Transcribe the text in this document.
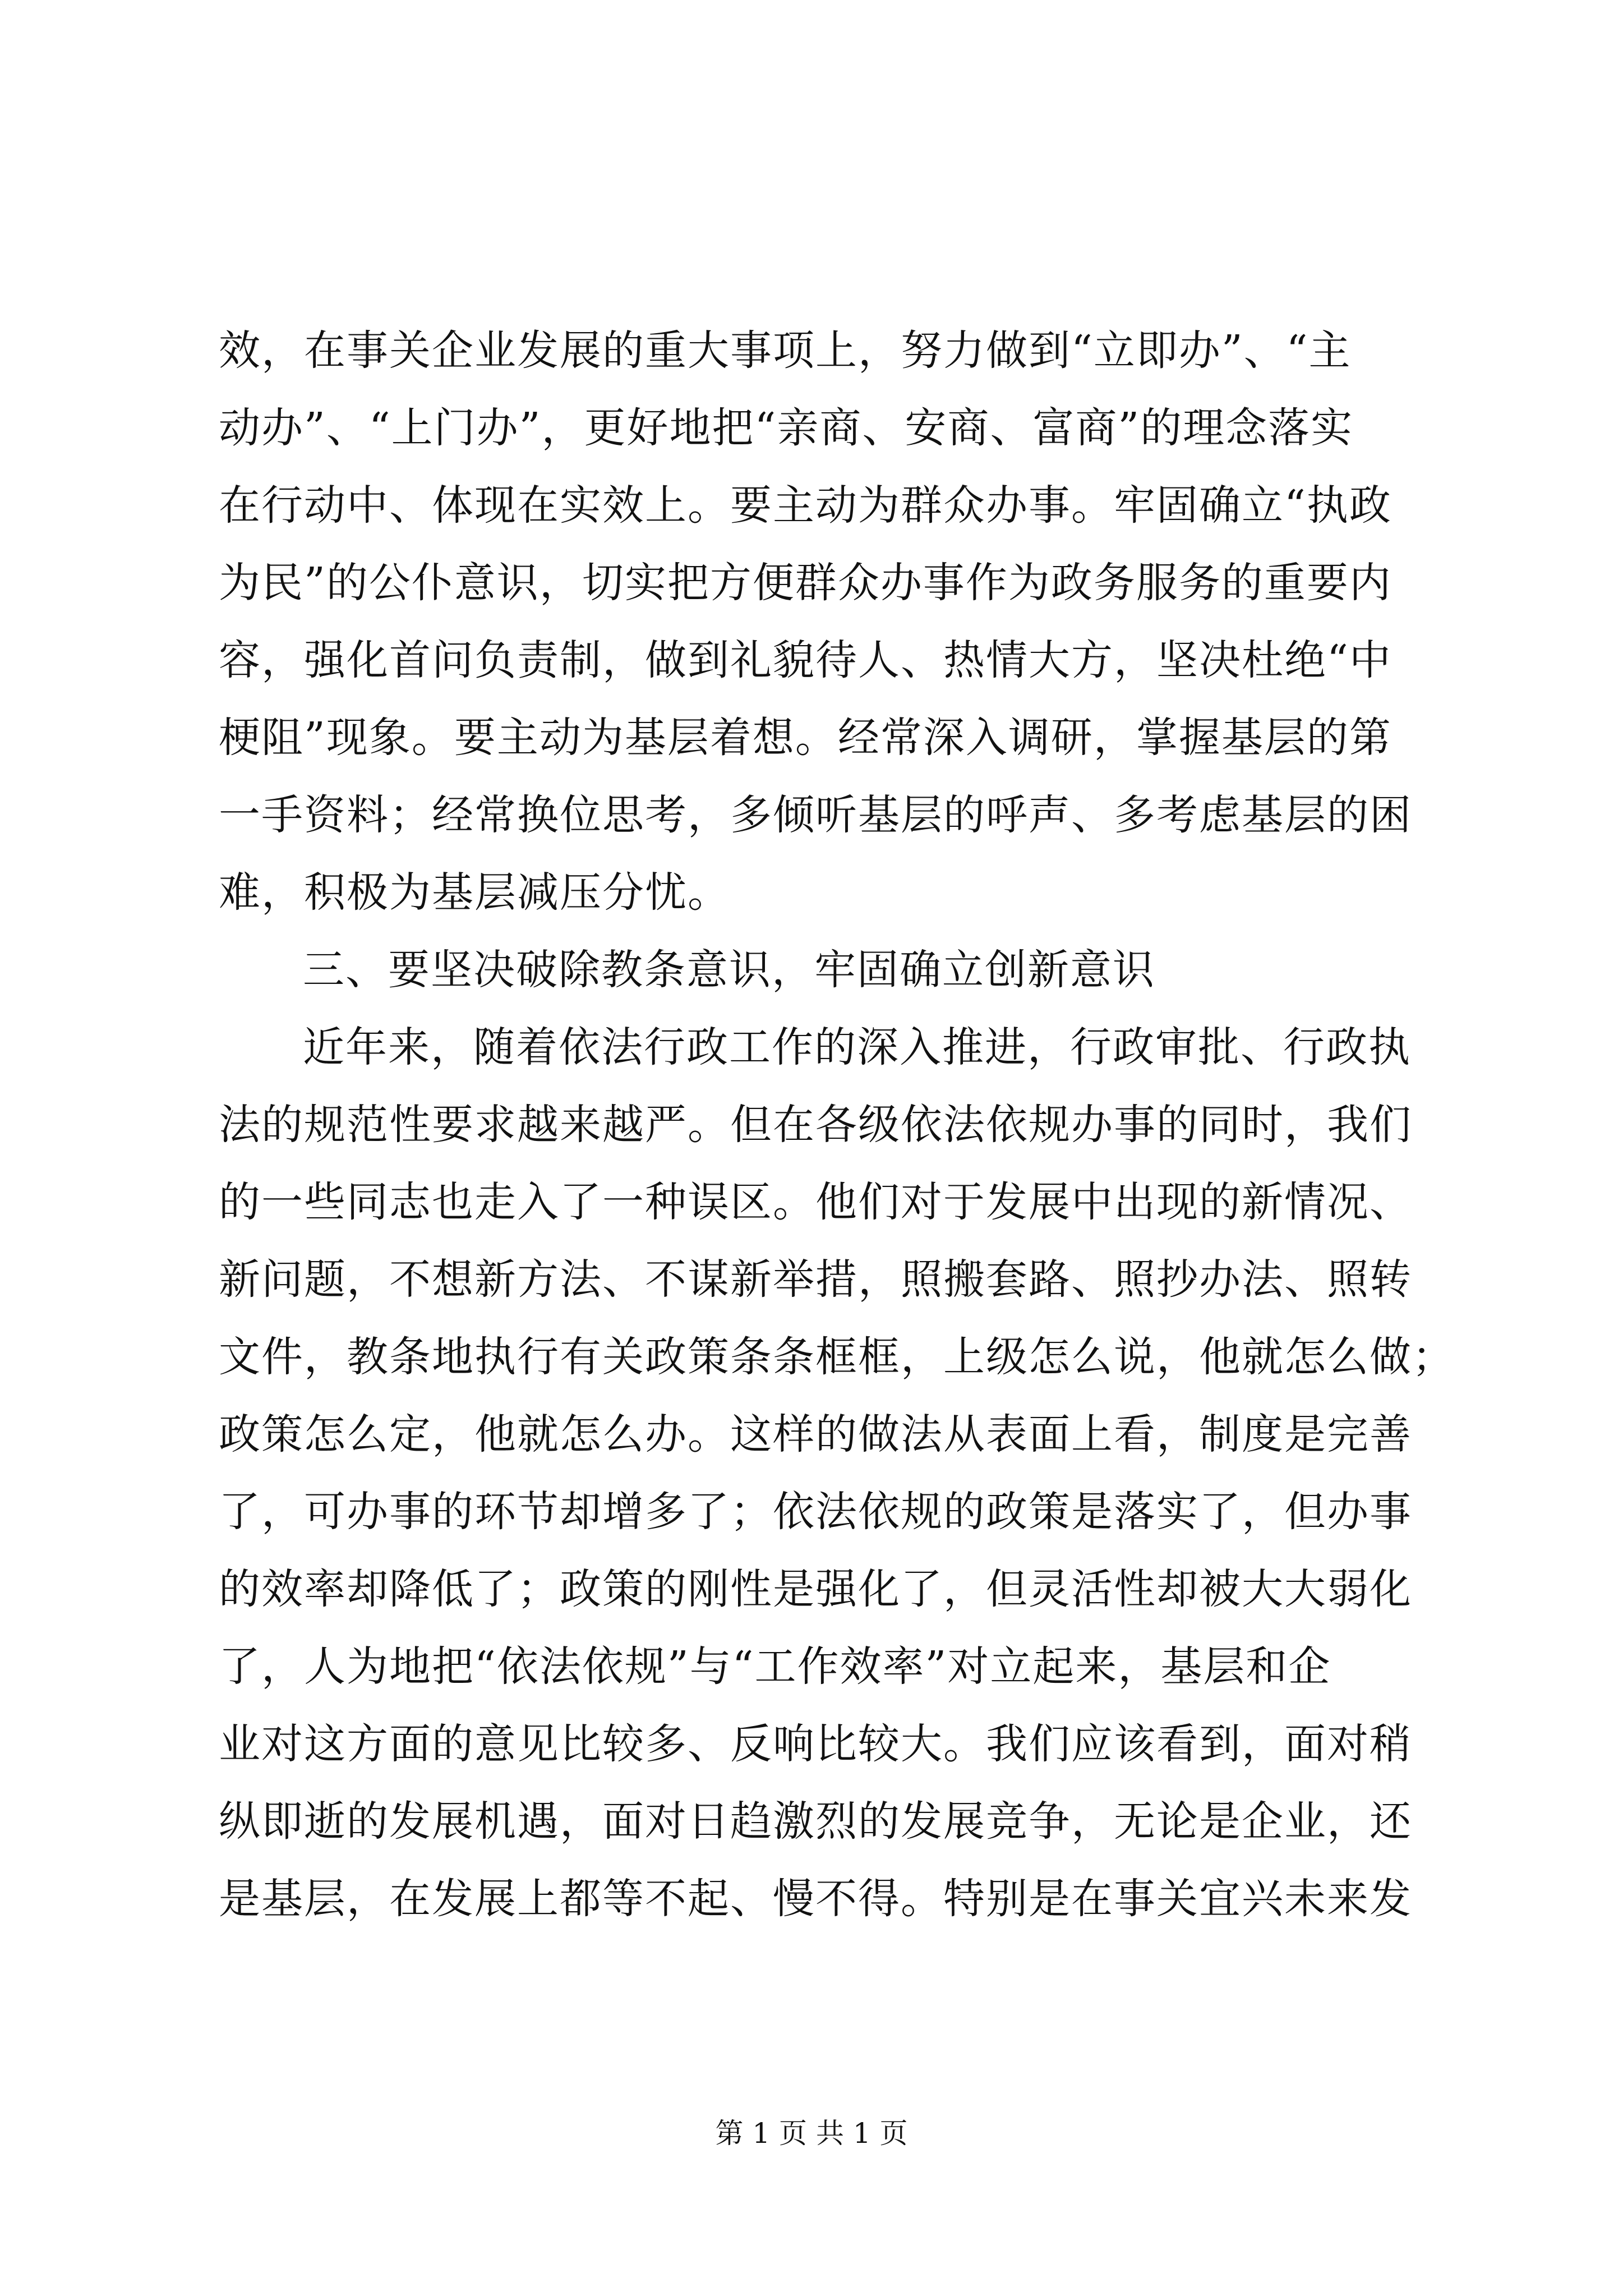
效，在事关企业发展的重大事项上，努力做到“立即办”、“主
动办”、“上门办”，更好地把“亲商、安商、富商”的理念落实
在行动中、体现在实效上。要主动为群众办事。牢固确立“执政
为民”的公仆意识，切实把方便群众办事作为政务服务的重要内
容，强化首问负责制，做到礼貌待人、热情大方，坚决杜绝“中
梗阻”现象。要主动为基层着想。经常深入调研，掌握基层的第
一手资料；经常换位思考，多倾听基层的呼声、多考虑基层的困
难，积极为基层减压分忧。
三、要坚决破除教条意识，牢固确立创新意识
近年来，随着依法行政工作的深入推进，行政审批、行政执
法的规范性要求越来越严。但在各级依法依规办事的同时，我们
的一些同志也走入了一种误区。他们对于发展中出现的新情况、
新问题，不想新方法、不谋新举措，照搬套路、照抄办法、照转
文件，教条地执行有关政策条条框框，上级怎么说，他就怎么做；
政策怎么定，他就怎么办。这样的做法从表面上看，制度是完善
了，可办事的环节却增多了；依法依规的政策是落实了，但办事
的效率却降低了；政策的刚性是强化了，但灵活性却被大大弱化
了，人为地把“依法依规”与“工作效率”对立起来，基层和企
业对这方面的意见比较多、反响比较大。我们应该看到，面对稍
纵即逝的发展机遇，面对日趋激烈的发展竞争，无论是企业，还
是基层，在发展上都等不起、慢不得。特别是在事关宜兴未来发
第 1 页 共 1 页
